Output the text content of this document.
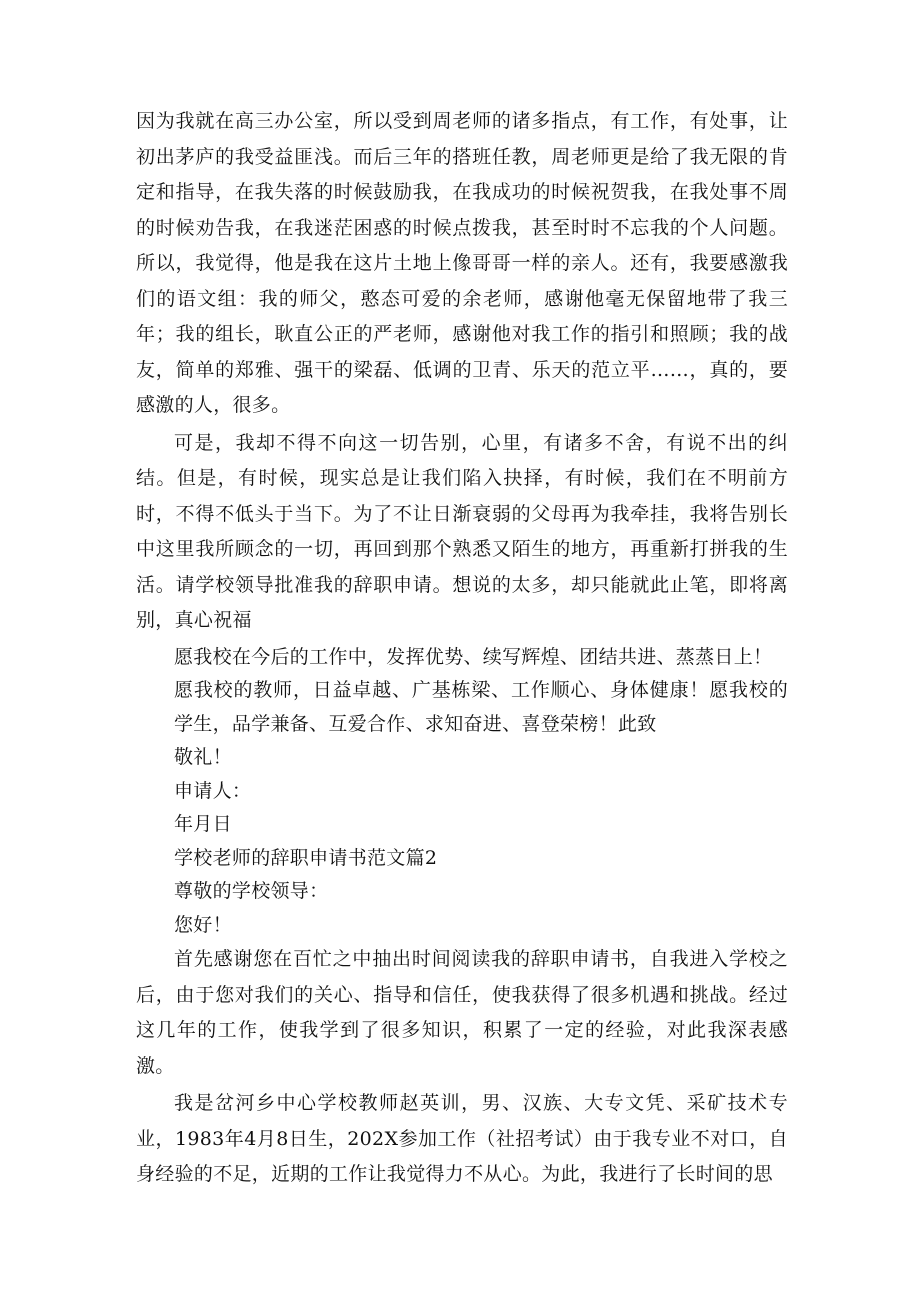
因为我就在高三办公室，所以受到周老师的诸多指点，有工作，有处事，让初出茅庐的我受益匪浅。而后三年的搭班任教，周老师更是给了我无限的肯定和指导，在我失落的时候鼓励我，在我成功的时候祝贺我，在我处事不周的时候劝告我，在我迷茫困惑的时候点拨我，甚至时时不忘我的个人问题。所以，我觉得，他是我在这片土地上像哥哥一样的亲人。还有，我要感激我们的语文组：我的师父，憨态可爱的余老师，感谢他毫无保留地带了我三年；我的组长，耿直公正的严老师，感谢他对我工作的指引和照顾；我的战友，简单的郑雅、强干的梁磊、低调的卫青、乐天的范立平……，真的，要感激的人，很多。

可是，我却不得不向这一切告别，心里，有诸多不舍，有说不出的纠结。但是，有时候，现实总是让我们陷入抉择，有时候，我们在不明前方时，不得不低头于当下。为了不让日渐衰弱的父母再为我牵挂，我将告别长中这里我所顾念的一切，再回到那个熟悉又陌生的地方，再重新打拼我的生活。请学校领导批准我的辞职申请。想说的太多，却只能就此止笔，即将离别，真心祝福

愿我校在今后的工作中，发挥优势、续写辉煌、团结共进、蒸蒸日上！

愿我校的教师，日益卓越、广基栋梁、工作顺心、身体健康！愿我校的学生，品学兼备、互爱合作、求知奋进、喜登荣榜！此致

敬礼！

申请人：

年月日

学校老师的辞职申请书范文篇2

尊敬的学校领导：

您好！

首先感谢您在百忙之中抽出时间阅读我的辞职申请书，自我进入学校之后，由于您对我们的关心、指导和信任，使我获得了很多机遇和挑战。经过这几年的工作，使我学到了很多知识，积累了一定的经验，对此我深表感激。

我是岔河乡中心学校教师赵英训，男、汉族、大专文凭、采矿技术专业，1983年4月8日生，202X参加工作（社招考试）由于我专业不对口，自身经验的不足，近期的工作让我觉得力不从心。为此，我进行了长时间的思
